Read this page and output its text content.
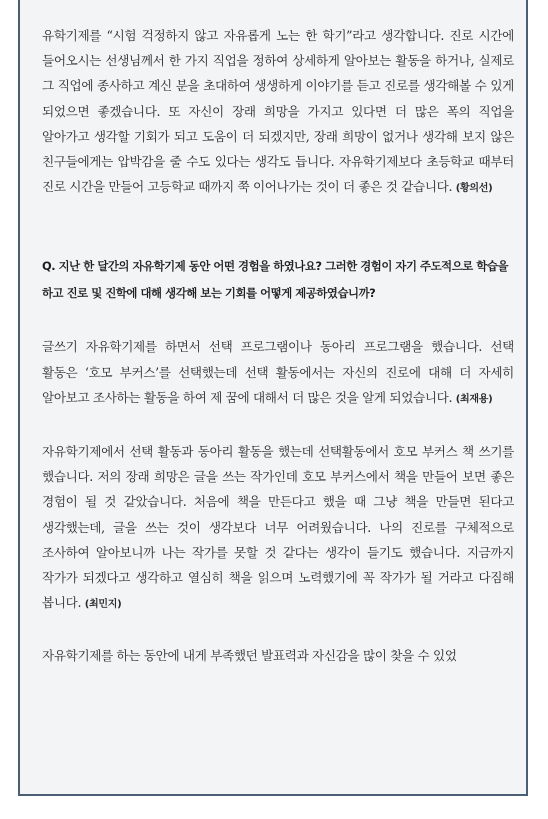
유학기제를 “시험 걱정하지 않고 자유롭게 노는 한 학기”라고 생각합니다. 진로 시간에 들어오시는 선생님께서 한 가지 직업을 정하여 상세하게 알아보는 활동을 하거나, 실제로 그 직업에 종사하고 계신 분을 초대하여 생생하게 이야기를 듣고 진로를 생각해볼 수 있게 되었으면 좋겠습니다. 또 자신이 장래 희망을 가지고 있다면 더 많은 폭의 직업을 알아가고 생각할 기회가 되고 도움이 더 되겠지만, 장래 희망이 없거나 생각해 보지 않은 친구들에게는 압박감을 줄 수도 있다는 생각도 듭니다. 자유학기제보다 초등학교 때부터 진로 시간을 만들어 고등학교 때까지 쭉 이어나가는 것이 더 좋은 것 같습니다. (황의선)

Q. 지난 한 달간의 자유학기제 동안 어떤 경험을 하였나요? 그러한 경험이 자기 주도적으로 학습을 하고 진로 및 진학에 대해 생각해 보는 기회를 어떻게 제공하였습니까?

글쓰기 자유학기제를 하면서 선택 프로그램이나 동아리 프로그램을 했습니다. 선택 활동은 ‘호모 부커스’를 선택했는데 선택 활동에서는 자신의 진로에 대해 더 자세히 알아보고 조사하는 활동을 하여 제 꿈에 대해서 더 많은 것을 알게 되었습니다. (최재용)

자유학기제에서 선택 활동과 동아리 활동을 했는데 선택활동에서 호모 부커스 책 쓰기를 했습니다. 저의 장래 희망은 글을 쓰는 작가인데 호모 부커스에서 책을 만들어 보면 좋은 경험이 될 것 같았습니다. 처음에 책을 만든다고 했을 때 그냥 책을 만들면 된다고 생각했는데, 글을 쓰는 것이 생각보다 너무 어려웠습니다. 나의 진로를 구체적으로 조사하여 알아보니까 나는 작가를 못할 것 같다는 생각이 들기도 했습니다. 지금까지 작가가 되겠다고 생각하고 열심히 책을 읽으며 노력했기에 꼭 작가가 될 거라고 다짐해 봅니다. (최민지)

자유학기제를 하는 동안에 내게 부족했던 발표력과 자신감을 많이 찾을 수 있었
